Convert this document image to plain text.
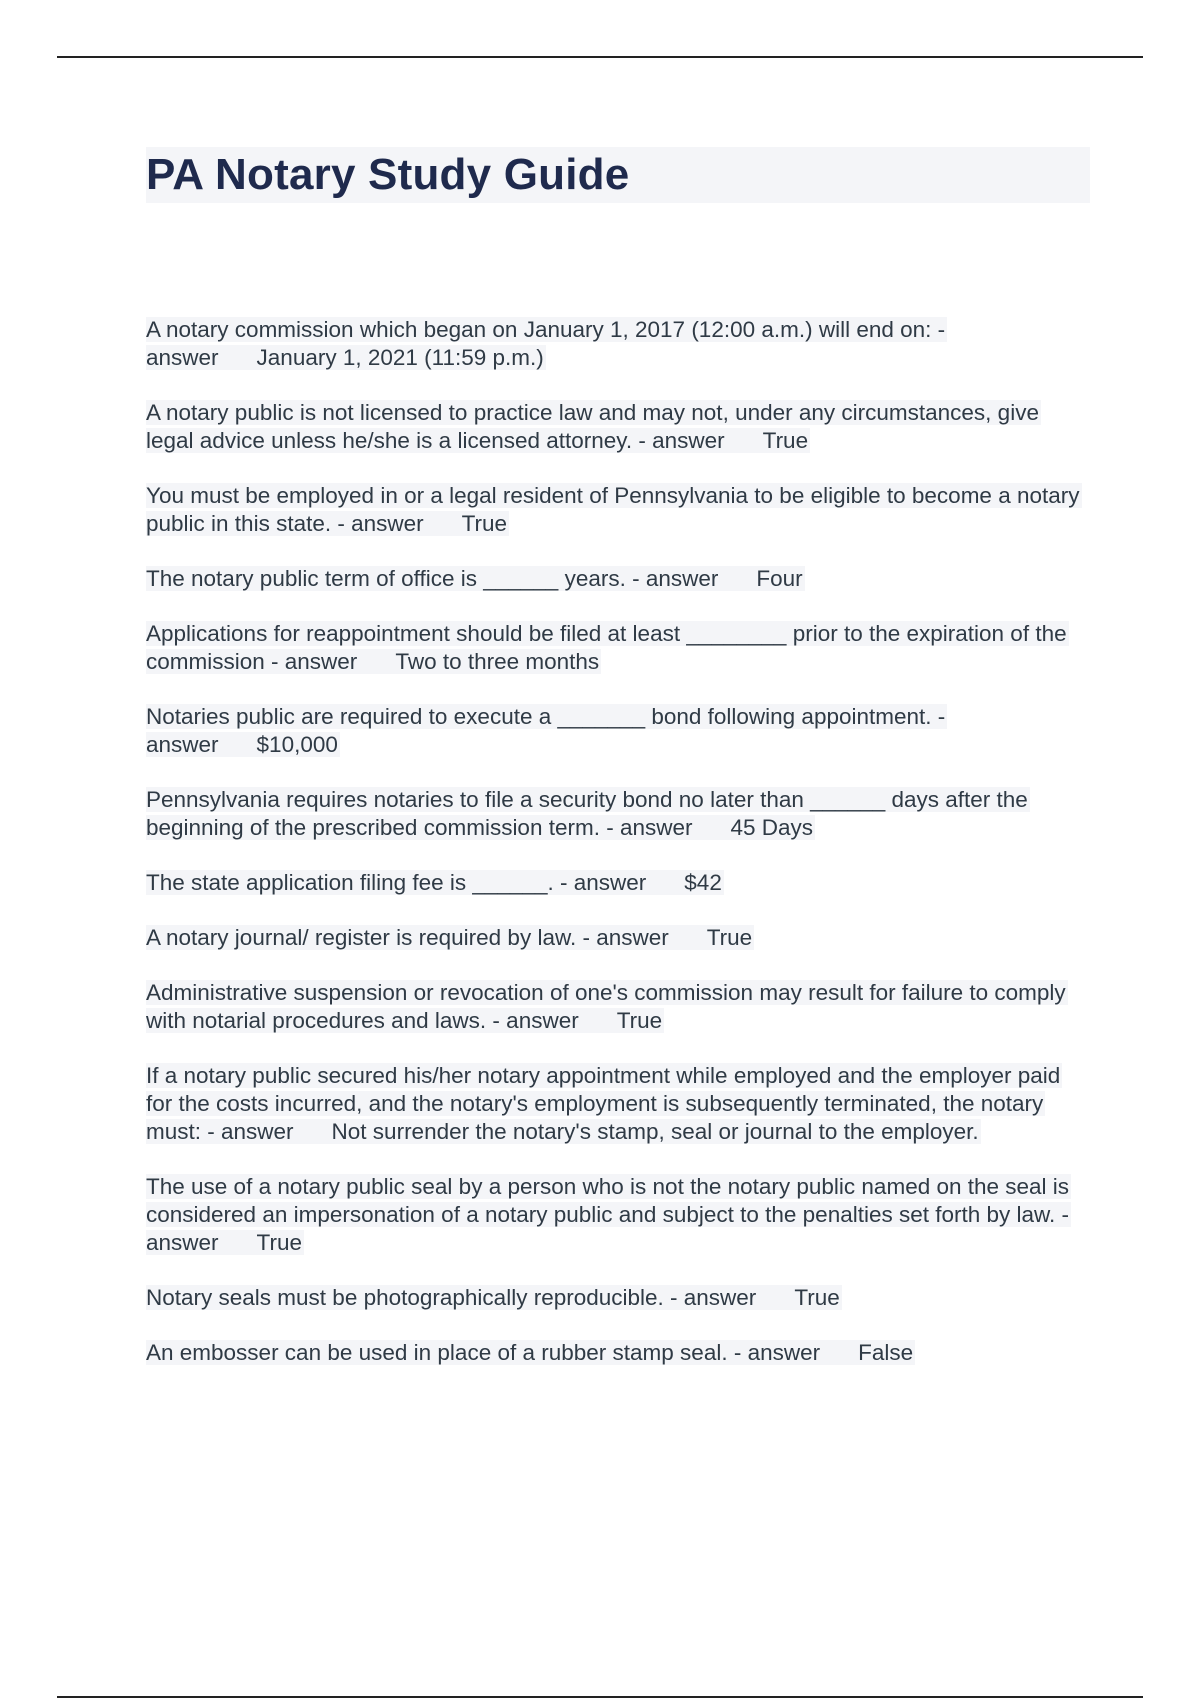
PA Notary Study Guide
A notary commission which began on January 1, 2017 (12:00 a.m.) will end on: - answer January 1, 2021 (11:59 p.m.)
A notary public is not licensed to practice law and may not, under any circumstances, give legal advice unless he/she is a licensed attorney. - answer True
You must be employed in or a legal resident of Pennsylvania to be eligible to become a notary public in this state. - answer True
The notary public term of office is ______ years. - answer Four
Applications for reappointment should be filed at least ________ prior to the expiration of the commission - answer Two to three months
Notaries public are required to execute a _______ bond following appointment. - answer $10,000
Pennsylvania requires notaries to file a security bond no later than ______ days after the beginning of the prescribed commission term. - answer 45 Days
The state application filing fee is ______. - answer $42
A notary journal/ register is required by law. - answer True
Administrative suspension or revocation of one's commission may result for failure to comply with notarial procedures and laws. - answer True
If a notary public secured his/her notary appointment while employed and the employer paid for the costs incurred, and the notary's employment is subsequently terminated, the notary must: - answer Not surrender the notary's stamp, seal or journal to the employer.
The use of a notary public seal by a person who is not the notary public named on the seal is considered an impersonation of a notary public and subject to the penalties set forth by law. - answer True
Notary seals must be photographically reproducible. - answer True
An embosser can be used in place of a rubber stamp seal. - answer False
